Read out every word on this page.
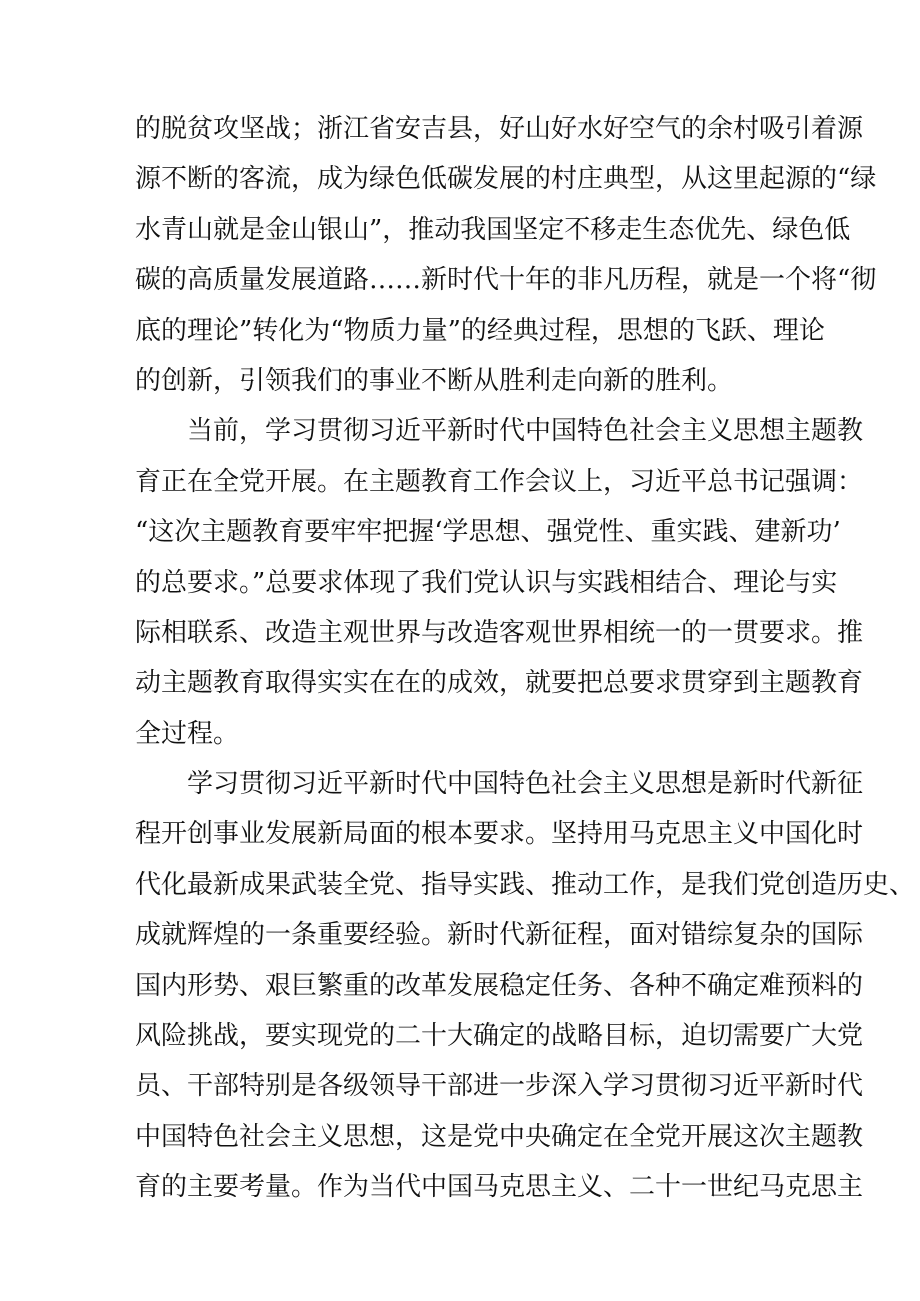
的脱贫攻坚战；浙江省安吉县，好山好水好空气的余村吸引着源
源不断的客流，成为绿色低碳发展的村庄典型，从这里起源的“绿
水青山就是金山银山”，推动我国坚定不移走生态优先、绿色低
碳的高质量发展道路……新时代十年的非凡历程，就是一个将“彻
底的理论”转化为“物质力量”的经典过程，思想的飞跃、理论
的创新，引领我们的事业不断从胜利走向新的胜利。
当前，学习贯彻习近平新时代中国特色社会主义思想主题教
育正在全党开展。在主题教育工作会议上，习近平总书记强调：
“这次主题教育要牢牢把握‘学思想、强党性、重实践、建新功’
的总要求。”总要求体现了我们党认识与实践相结合、理论与实
际相联系、改造主观世界与改造客观世界相统一的一贯要求。推
动主题教育取得实实在在的成效，就要把总要求贯穿到主题教育
全过程。
学习贯彻习近平新时代中国特色社会主义思想是新时代新征
程开创事业发展新局面的根本要求。坚持用马克思主义中国化时
代化最新成果武装全党、指导实践、推动工作，是我们党创造历史、
成就辉煌的一条重要经验。新时代新征程，面对错综复杂的国际
国内形势、艰巨繁重的改革发展稳定任务、各种不确定难预料的
风险挑战，要实现党的二十大确定的战略目标，迫切需要广大党
员、干部特别是各级领导干部进一步深入学习贯彻习近平新时代
中国特色社会主义思想，这是党中央确定在全党开展这次主题教
育的主要考量。作为当代中国马克思主义、二十一世纪马克思主
